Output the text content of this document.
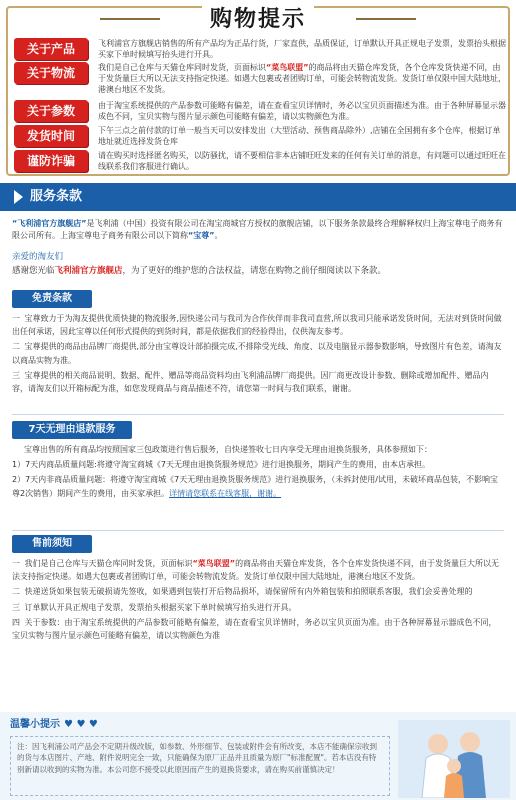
购物提示
关于产品	飞利浦官方旗舰店销售的所有产品均为正品行货，厂家直供，品质保证，订单默认开具正规电子发票，发票抬头根据买家下单时候填写抬头进行开具。
关于物流	我们是自己仓库与天猫仓库同时发货，页面标识“菜鸟联盟”的商品将由天猫仓库发货，各个仓库发货快递不同，由于发货量巨大所以无法支持指定快递。如遇大包裹或者团购订单，可能会转物流发货。发货订单仅限中国大陆地址，港澳台地区不发货。
关于参数	由于淘宝系统提供的产品参数可能略有偏差，请在查看宝贝详情时，务必以宝贝页面描述为准。由于各种屏幕显示器成色不同，宝贝实物与图片显示颜色可能略有偏差，请以实物颜色为准。
发货时间	下午三点之前付款的订单一般当天可以安排发出（大型活动、预售商品除外）,店铺在全国拥有多个仓库，根据订单地址就近选择发货仓库
谨防诈骗	请在购买时选择匿名购买，以防骚扰，请不要相信非本店铺旺旺发来的任何有关订单的消息，有问题可以通过旺旺在线联系我们客服进行确认。
服务条款
“飞利浦官方旗舰店”是飞利浦（中国）投资有限公司在淘宝商城官方授权的旗舰店铺，以下服务条款最终合理解释权归上海宝尊电子商务有限公司所有。上海宝尊电子商务有限公司以下简称“宝尊”。
亲爱的淘友们
感谢您光临飞利浦官方旗舰店，为了更好的维护您的合法权益，请您在购物之前仔细阅读以下条款。
免责条款

一 宝尊致力于为淘友提供优质快捷的物流服务,因快递公司与我司为合作伙伴而非我司直营,所以我司只能承诺发货时间，无法对到货时间做出任何承诺，因此宝尊以任何形式提供的到货时间，都是依据我们的经验得出，仅供淘友参考。

二 宝尊提供的商品由品牌厂商提供,部分由宝尊设计部拍摄完成,不排除受光线、角度、以及电脑显示器参数影响，导致图片有色差，请淘友以商品实物为准。

三 宝尊提供的相关商品说明、数据、配件、赠品等商品资料均由飞利浦品牌厂商提供。因厂商更改设计参数、删除或增加配件、赠品内容，请淘友们以开箱标配为准，如您发现商品与商品描述不符，请您第一时间与我们联系，谢谢。

7天无理由退款服务

宝尊出售的所有商品均按照国家三包政策进行售后服务，自快递签收七日内享受无理由退换货服务，具体参照如下：

1）7天内商品质量问题:将遵守淘宝商城《7天无理由退换货服务规范》进行退换服务，期间产生的费用，由本店承担。

2）7天内非商品质量问题：将遵守淘宝商城《7天无理由退换货服务规范》进行退换服务，（未拆封使用/试用，未破坏商品包装，不影响宝尊2次销售）期间产生的费用，由买家承担。详情请您联系在线客服，谢谢。

售前须知

一 我们是自己仓库与天猫仓库同时发货，页面标识“菜鸟联盟”的商品将由天猫仓库发货，各个仓库发货快递不同，由于发货量巨大所以无法支持指定快递。如遇大包裹或者团购订单，可能会转物流发货。发货订单仅限中国大陆地址，港澳台地区不发货。

二 快递送货如果包装无破损请先签收，如果遇到包装打开后物品损坏，请保留所有内外箱包装和拍照联系客服，我们会妥善处理的

三 订单默认开具正规电子发票，发票抬头根据买家下单时候填写抬头进行开具。

四 关于参数：由于淘宝系统提供的产品参数可能略有偏差，请在查看宝贝详情时，务必以宝贝页面为准。由于各种屏幕显示器成色不同，宝贝实物与图片显示颜色可能略有偏差，请以实物颜色为准

温馨小提示 ♥ ♥ ♥
注：因飞利浦公司产品会不定期升级改版，如参数、外形细节、包装或附件会有所改变，本店不能确保宗收到的货与本店图片、产地、附件说明完全一致，只能确保为原厂正品并且质量为原厂"标准配置"。若本店没有特别新请以收到的实物为准。本公司您不接受以此原因而产生的退换货要求，请在购买前谨慎决定！
